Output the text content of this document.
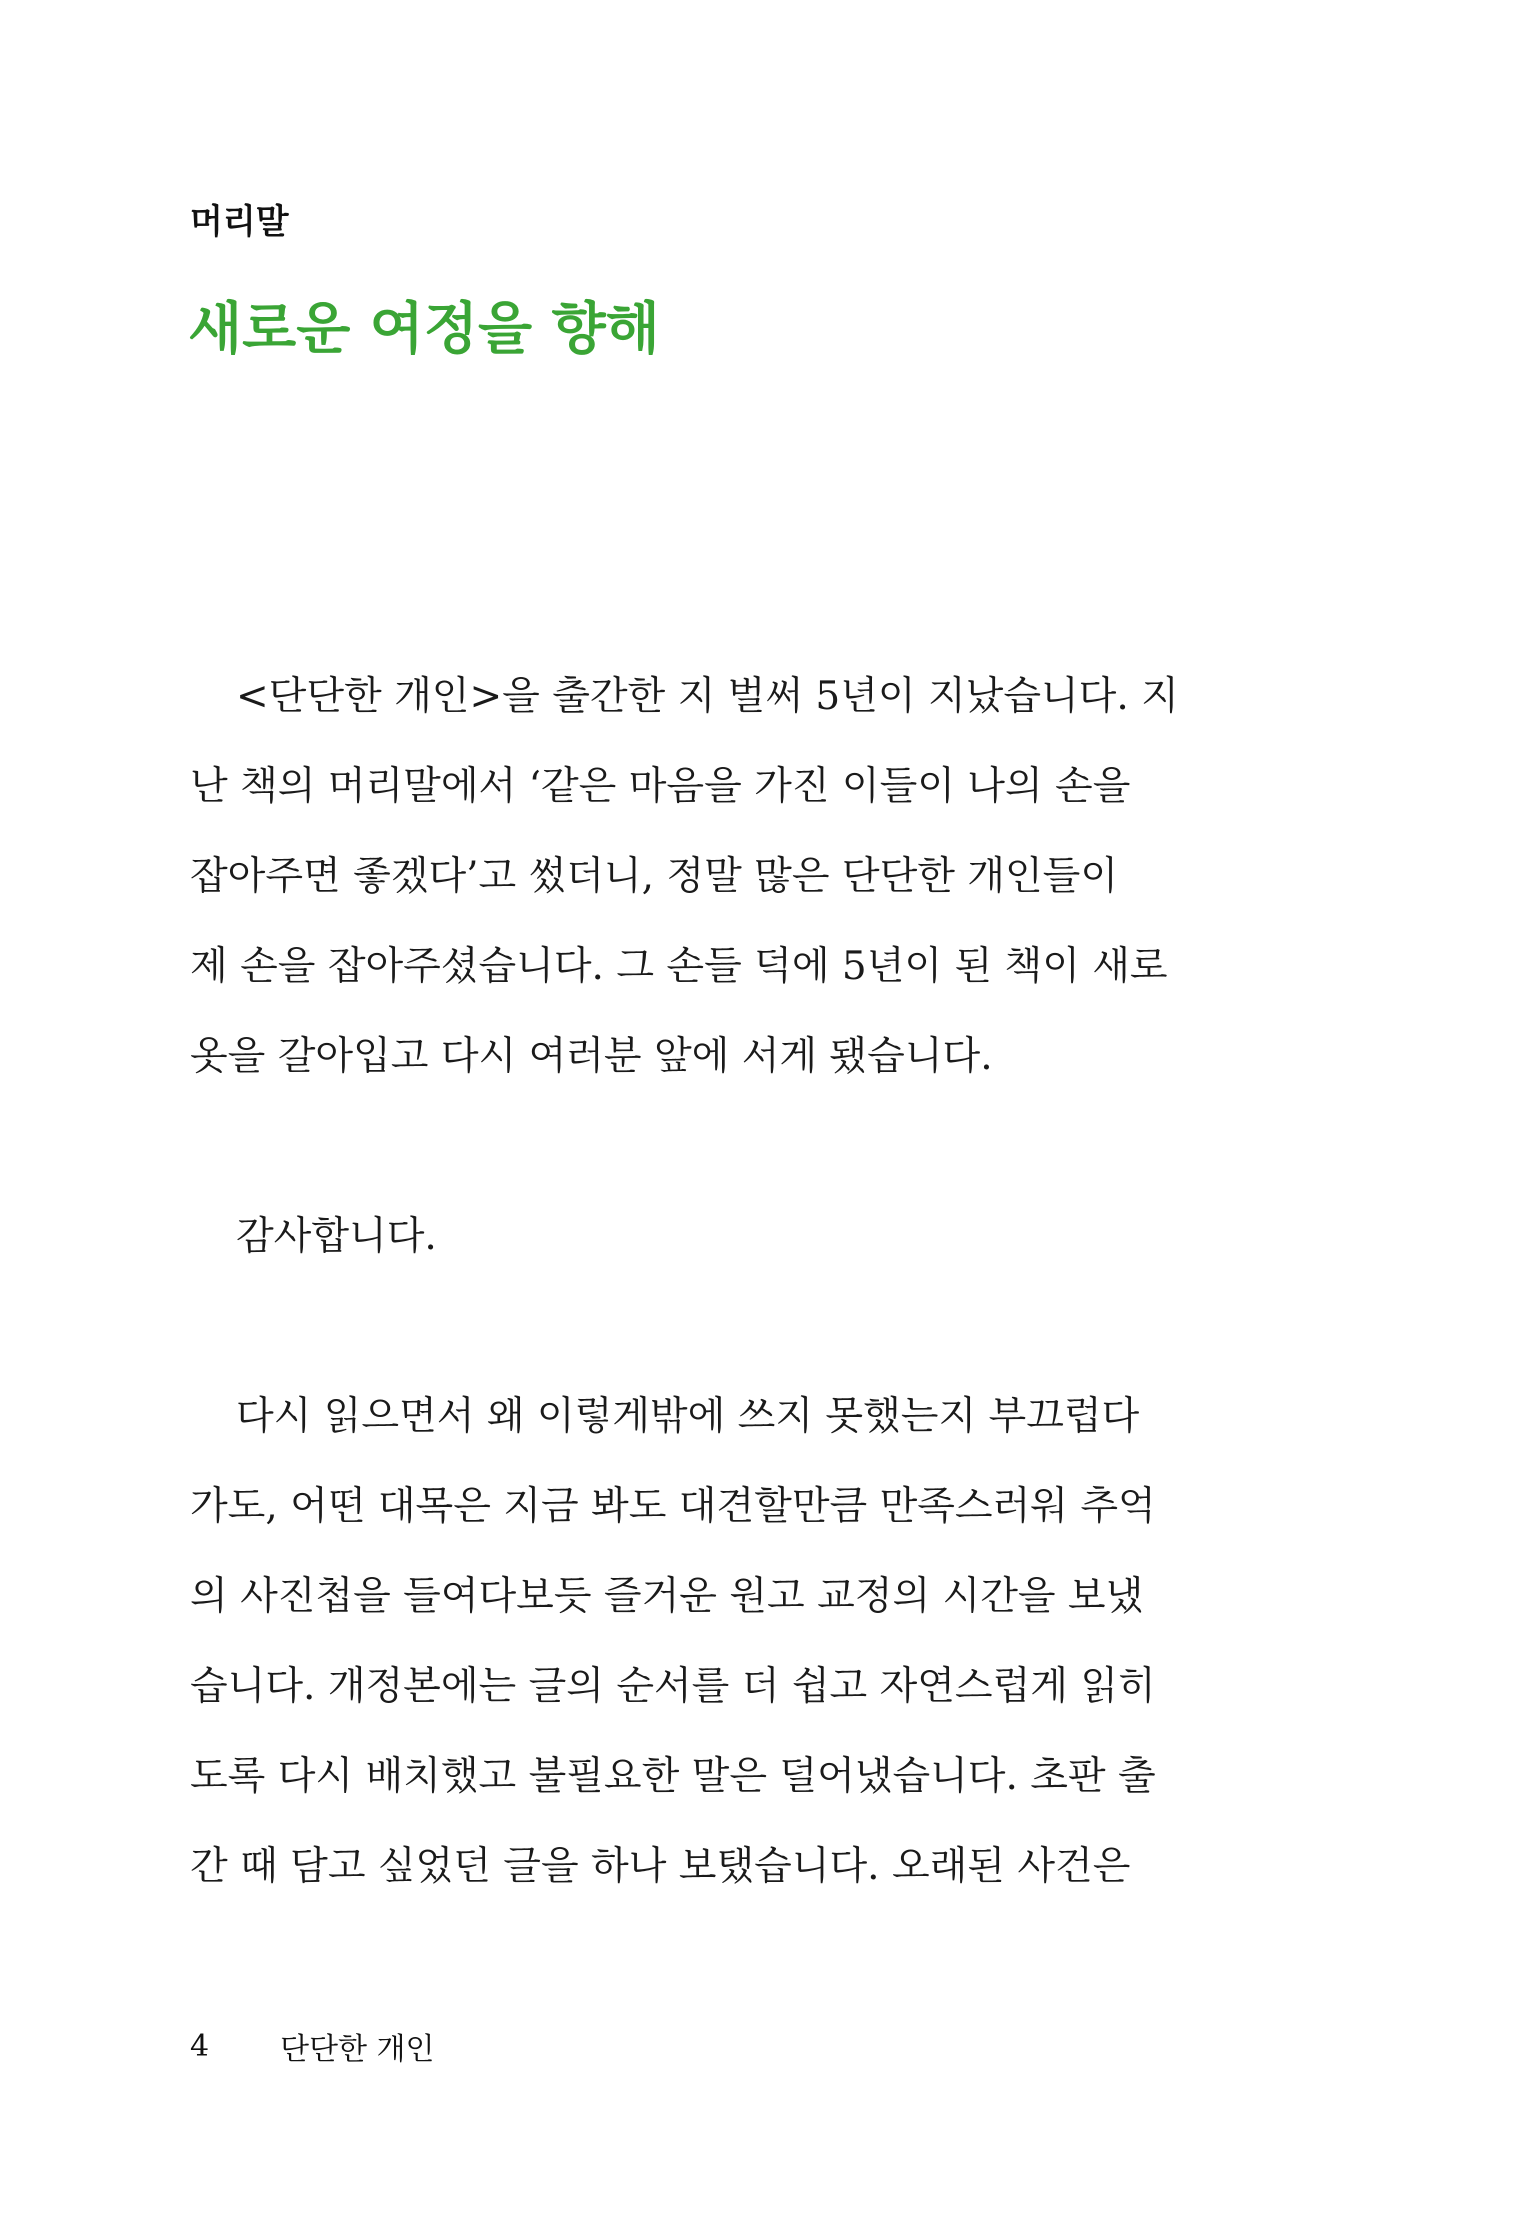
머리말
새로운 여정을 향해

<단단한 개인>을 출간한 지 벌써 5년이 지났습니다. 지
난 책의 머리말에서 ‘같은 마음을 가진 이들이 나의 손을
잡아주면 좋겠다’고 썼더니, 정말 많은 단단한 개인들이
제 손을 잡아주셨습니다. 그 손들 덕에 5년이 된 책이 새로
옷을 갈아입고 다시 여러분 앞에 서게 됐습니다.

감사합니다.

다시 읽으면서 왜 이렇게밖에 쓰지 못했는지 부끄럽다
가도, 어떤 대목은 지금 봐도 대견할만큼 만족스러워 추억
의 사진첩을 들여다보듯 즐거운 원고 교정의 시간을 보냈
습니다. 개정본에는 글의 순서를 더 쉽고 자연스럽게 읽히
도록 다시 배치했고 불필요한 말은 덜어냈습니다. 초판 출
간 때 담고 싶었던 글을 하나 보탰습니다. 오래된 사건은

4	단단한 개인
